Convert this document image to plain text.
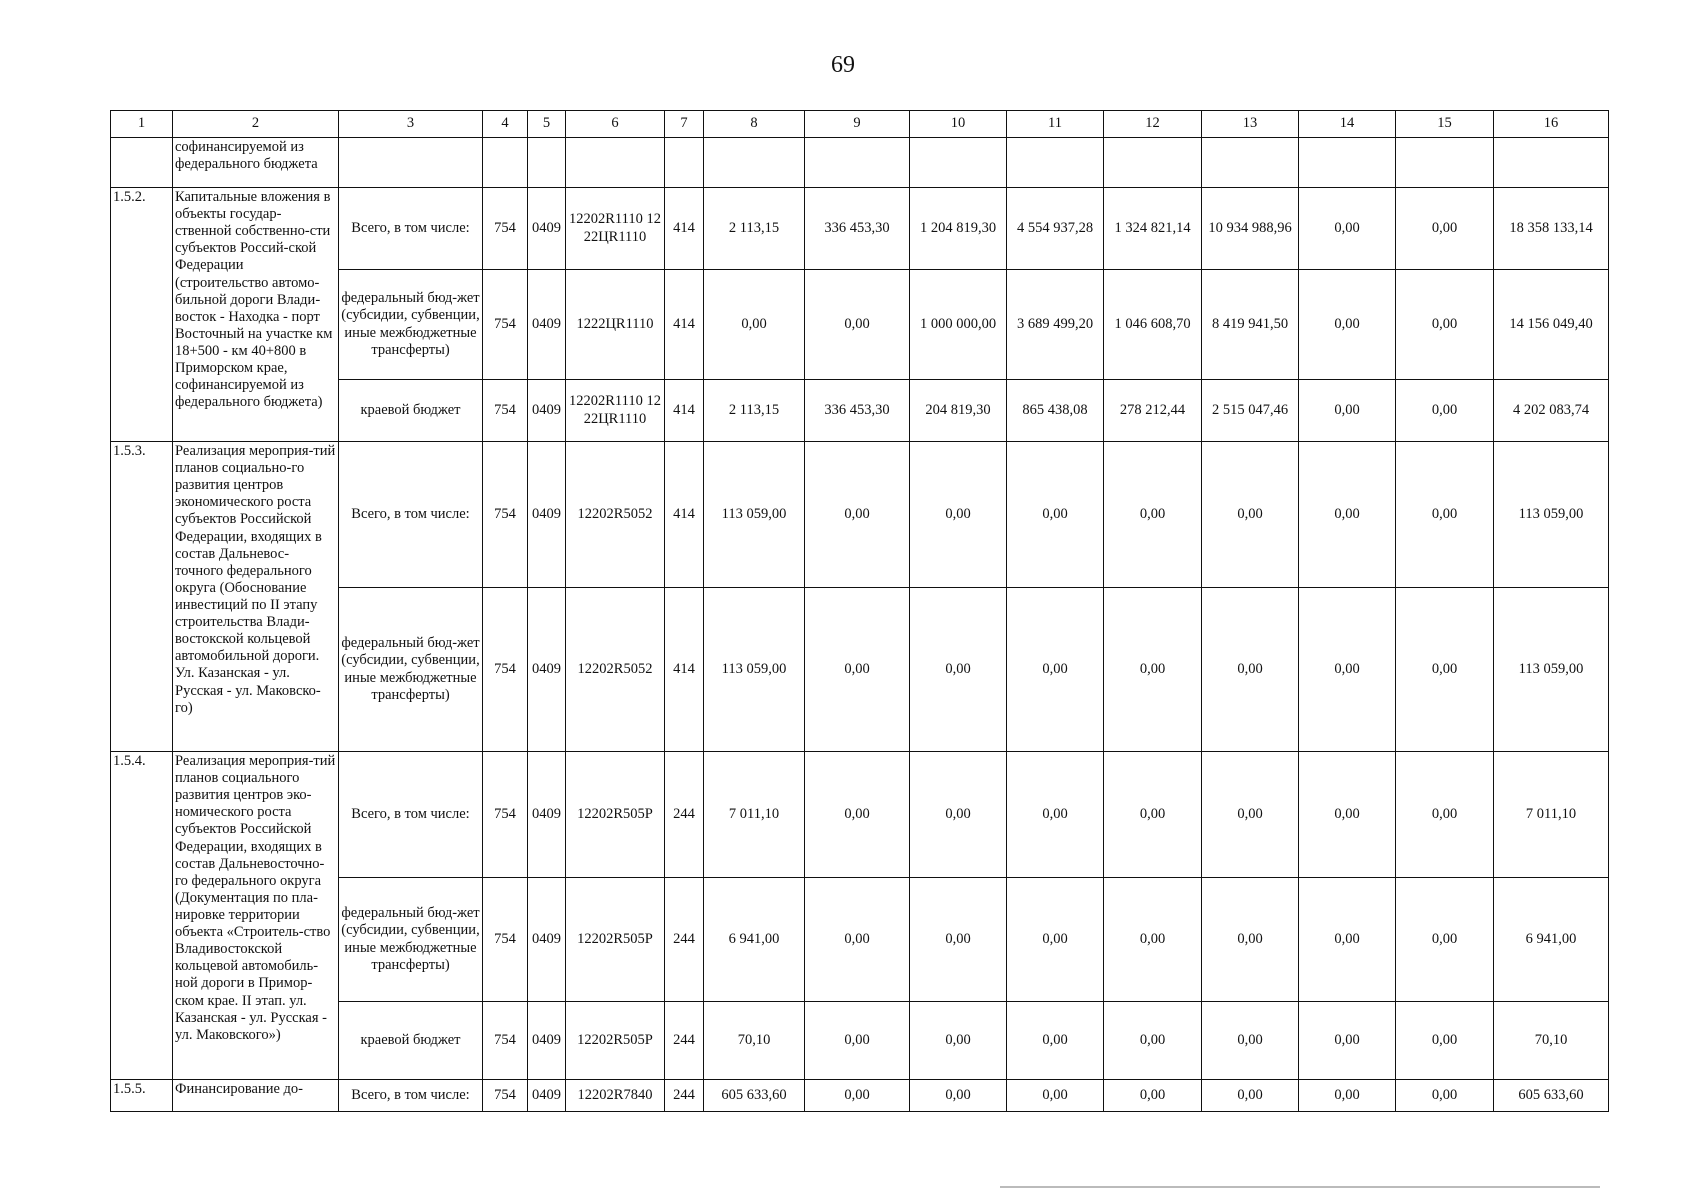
69
1	2	3	4	5	6	7	8	9	10	11	12	13	14	15	16
	софинансируемой из федерального бюджета														
1.5.2.	Капитальные вложения в объекты государ-ственной собственно-сти субъектов Россий-ской Федерации (строительство автомо-бильной дороги Влади-восток - Находка - порт Восточный на участке км 18+500 - км 40+800 в Приморском крае, софинансируемой из федерального бюджета)	Всего, в том числе:	754	0409	12202R1110 1222ЦR1110	414	2 113,15	336 453,30	1 204 819,30	4 554 937,28	1 324 821,14	10 934 988,96	0,00	0,00	18 358 133,14
		федеральный бюд-жет (субсидии, субвенции, иные межбюджетные трансферты)	754	0409	1222ЦR1110	414	0,00	0,00	1 000 000,00	3 689 499,20	1 046 608,70	8 419 941,50	0,00	0,00	14 156 049,40
		краевой бюджет	754	0409	12202R1110 1222ЦR1110	414	2 113,15	336 453,30	204 819,30	865 438,08	278 212,44	2 515 047,46	0,00	0,00	4 202 083,74
1.5.3.	Реализация мероприя-тий планов социально-го развития центров экономического роста субъектов Российской Федерации, входящих в состав Дальневос-точного федерального округа (Обоснование инвестиций по II этапу строительства Влади-востокской кольцевой автомобильной дороги. Ул. Казанская - ул. Русская - ул. Маковско-го)	Всего, в том числе:	754	0409	12202R5052	414	113 059,00	0,00	0,00	0,00	0,00	0,00	0,00	0,00	113 059,00
		федеральный бюд-жет (субсидии, субвенции, иные межбюджетные трансферты)	754	0409	12202R5052	414	113 059,00	0,00	0,00	0,00	0,00	0,00	0,00	0,00	113 059,00
1.5.4.	Реализация мероприя-тий планов социального развития центров эко-номического роста субъектов Российской Федерации, входящих в состав Дальневосточно-го федерального округа (Документация по пла-нировке территории объекта «Строитель-ство Владивостокской кольцевой автомобиль-ной дороги в Примор-ском крае. II этап. ул. Казанская - ул. Русская - ул. Маковского»)	Всего, в том числе:	754	0409	12202R505P	244	7 011,10	0,00	0,00	0,00	0,00	0,00	0,00	0,00	7 011,10
		федеральный бюд-жет (субсидии, субвенции, иные межбюджетные трансферты)	754	0409	12202R505P	244	6 941,00	0,00	0,00	0,00	0,00	0,00	0,00	0,00	6 941,00
		краевой бюджет	754	0409	12202R505P	244	70,10	0,00	0,00	0,00	0,00	0,00	0,00	0,00	70,10
1.5.5.	Финансирование до-	Всего, в том числе:	754	0409	12202R7840	244	605 633,60	0,00	0,00	0,00	0,00	0,00	0,00	0,00	605 633,60
